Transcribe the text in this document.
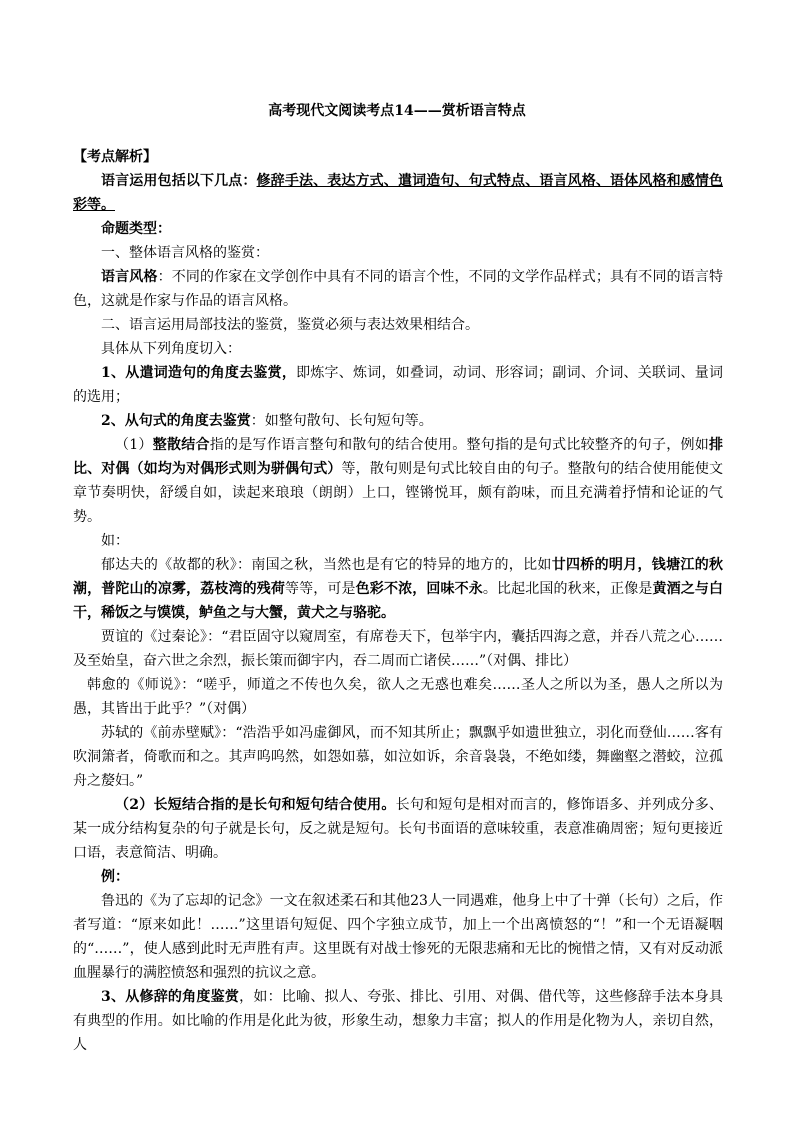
高考现代文阅读考点14——赏析语言特点

【考点解析】

语言运用包括以下几点：修辞手法、表达方式、遣词造句、句式特点、语言风格、语体风格和感情色彩等。

命题类型：

一、整体语言风格的鉴赏：

语言风格：不同的作家在文学创作中具有不同的语言个性，不同的文学作品样式；具有不同的语言特色，这就是作家与作品的语言风格。

二、语言运用局部技法的鉴赏，鉴赏必须与表达效果相结合。

具体从下列角度切入：

1、从遣词造句的角度去鉴赏，即炼字、炼词，如叠词，动词、形容词；副词、介词、关联词、量词的选用；

2、从句式的角度去鉴赏：如整句散句、长句短句等。

（1）整散结合指的是写作语言整句和散句的结合使用。整句指的是句式比较整齐的句子，例如排比、对偶（如均为对偶形式则为骈偶句式）等，散句则是句式比较自由的句子。整散句的结合使用能使文章节奏明快，舒缓自如，读起来琅琅（朗朗）上口，铿锵悦耳，颇有韵味，而且充满着抒情和论证的气势。

如：

郁达夫的《故都的秋》：南国之秋，当然也是有它的特异的地方的，比如廿四桥的明月，钱塘江的秋潮，普陀山的凉雾，荔枝湾的残荷等等，可是色彩不浓，回味不永。比起北国的秋来，正像是黄酒之与白干，稀饭之与馍馍，鲈鱼之与大蟹，黄犬之与骆驼。

贾谊的《过秦论》：“君臣固守以窥周室，有席卷天下，包举宇内，囊括四海之意，并吞八荒之心……及至始皇，奋六世之余烈，振长策而御宇内，吞二周而亡诸侯……”（对偶、排比）

韩愈的《师说》：“嗟乎，师道之不传也久矣，欲人之无惑也难矣……圣人之所以为圣，愚人之所以为愚，其皆出于此乎？”（对偶）

苏轼的《前赤壁赋》：“浩浩乎如冯虚御风，而不知其所止；飘飘乎如遗世独立，羽化而登仙……客有吹洞箫者，倚歌而和之。其声呜呜然，如怨如慕，如泣如诉，余音袅袅，不绝如缕，舞幽壑之潜蛟，泣孤舟之嫠妇。”

（2）长短结合指的是长句和短句结合使用。长句和短句是相对而言的，修饰语多、并列成分多、某一成分结构复杂的句子就是长句，反之就是短句。长句书面语的意味较重，表意准确周密；短句更接近口语，表意简洁、明确。

例：

鲁迅的《为了忘却的记念》一文在叙述柔石和其他23人一同遇难，他身上中了十弹（长句）之后，作者写道：“原来如此！……”这里语句短促、四个字独立成节，加上一个出离愤怒的“！”和一个无语凝咽的“……”，使人感到此时无声胜有声。这里既有对战士惨死的无限悲痛和无比的惋惜之情，又有对反动派血腥暴行的满腔愤怒和强烈的抗议之意。

3、从修辞的角度鉴赏，如：比喻、拟人、夸张、排比、引用、对偶、借代等，这些修辞手法本身具有典型的作用。如比喻的作用是化此为彼，形象生动，想象力丰富；拟人的作用是化物为人，亲切自然，人
